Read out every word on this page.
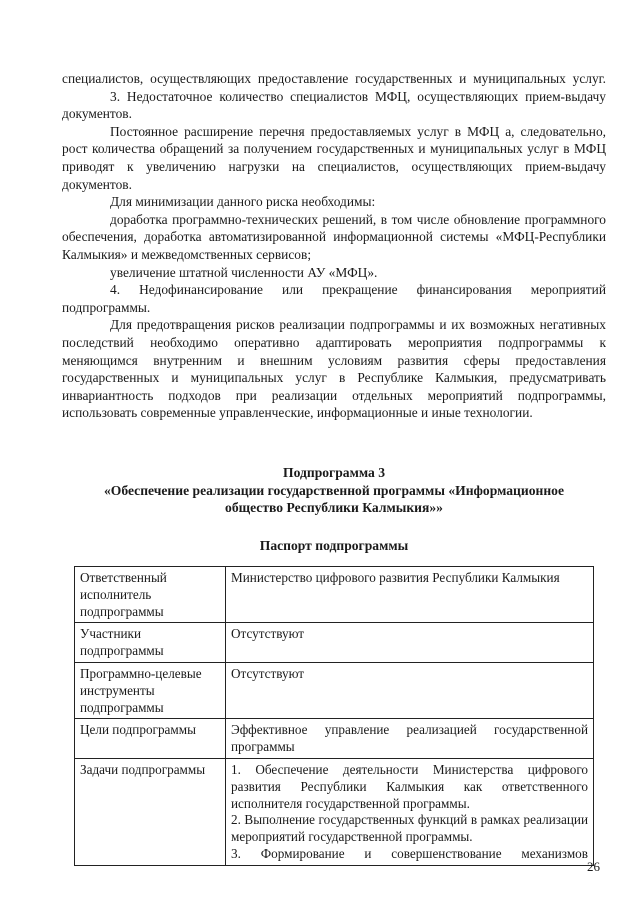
специалистов, осуществляющих предоставление государственных и муниципальных услуг.

3. Недостаточное количество специалистов МФЦ, осуществляющих прием-выдачу документов.

Постоянное расширение перечня предоставляемых услуг в МФЦ а, следовательно, рост количества обращений за получением государственных и муниципальных услуг в МФЦ приводят к увеличению нагрузки на специалистов, осуществляющих прием-выдачу документов.

Для минимизации данного риска необходимы:

доработка программно-технических решений, в том числе обновление программного обеспечения, доработка автоматизированной информационной системы «МФЦ-Республики Калмыкия» и межведомственных сервисов;

увеличение штатной численности АУ «МФЦ».

4. Недофинансирование или прекращение финансирования мероприятий подпрограммы.

Для предотвращения рисков реализации подпрограммы и их возможных негативных последствий необходимо оперативно адаптировать мероприятия подпрограммы к меняющимся внутренним и внешним условиям развития сферы предоставления государственных и муниципальных услуг в Республике Калмыкия, предусматривать инвариантность подходов при реализации отдельных мероприятий подпрограммы, использовать современные управленческие, информационные и иные технологии.

Подпрограмма 3
«Обеспечение реализации государственной программы «Информационное
общество Республики Калмыкия»»
Паспорт подпрограммы
Ответственный исполнитель подпрограммы	Министерство цифрового развития Республики Калмыкия
Участники подпрограммы	Отсутствуют
Программно-целевые инструменты подпрограммы	Отсутствуют
Цели подпрограммы	Эффективное управление реализацией государственной программы
Задачи подпрограммы	1. Обеспечение деятельности Министерства цифрового развития Республики Калмыкия как ответственного исполнителя государственной программы.
2. Выполнение государственных функций в рамках реализации мероприятий государственной программы.
3. Формирование и совершенствование механизмов
26
